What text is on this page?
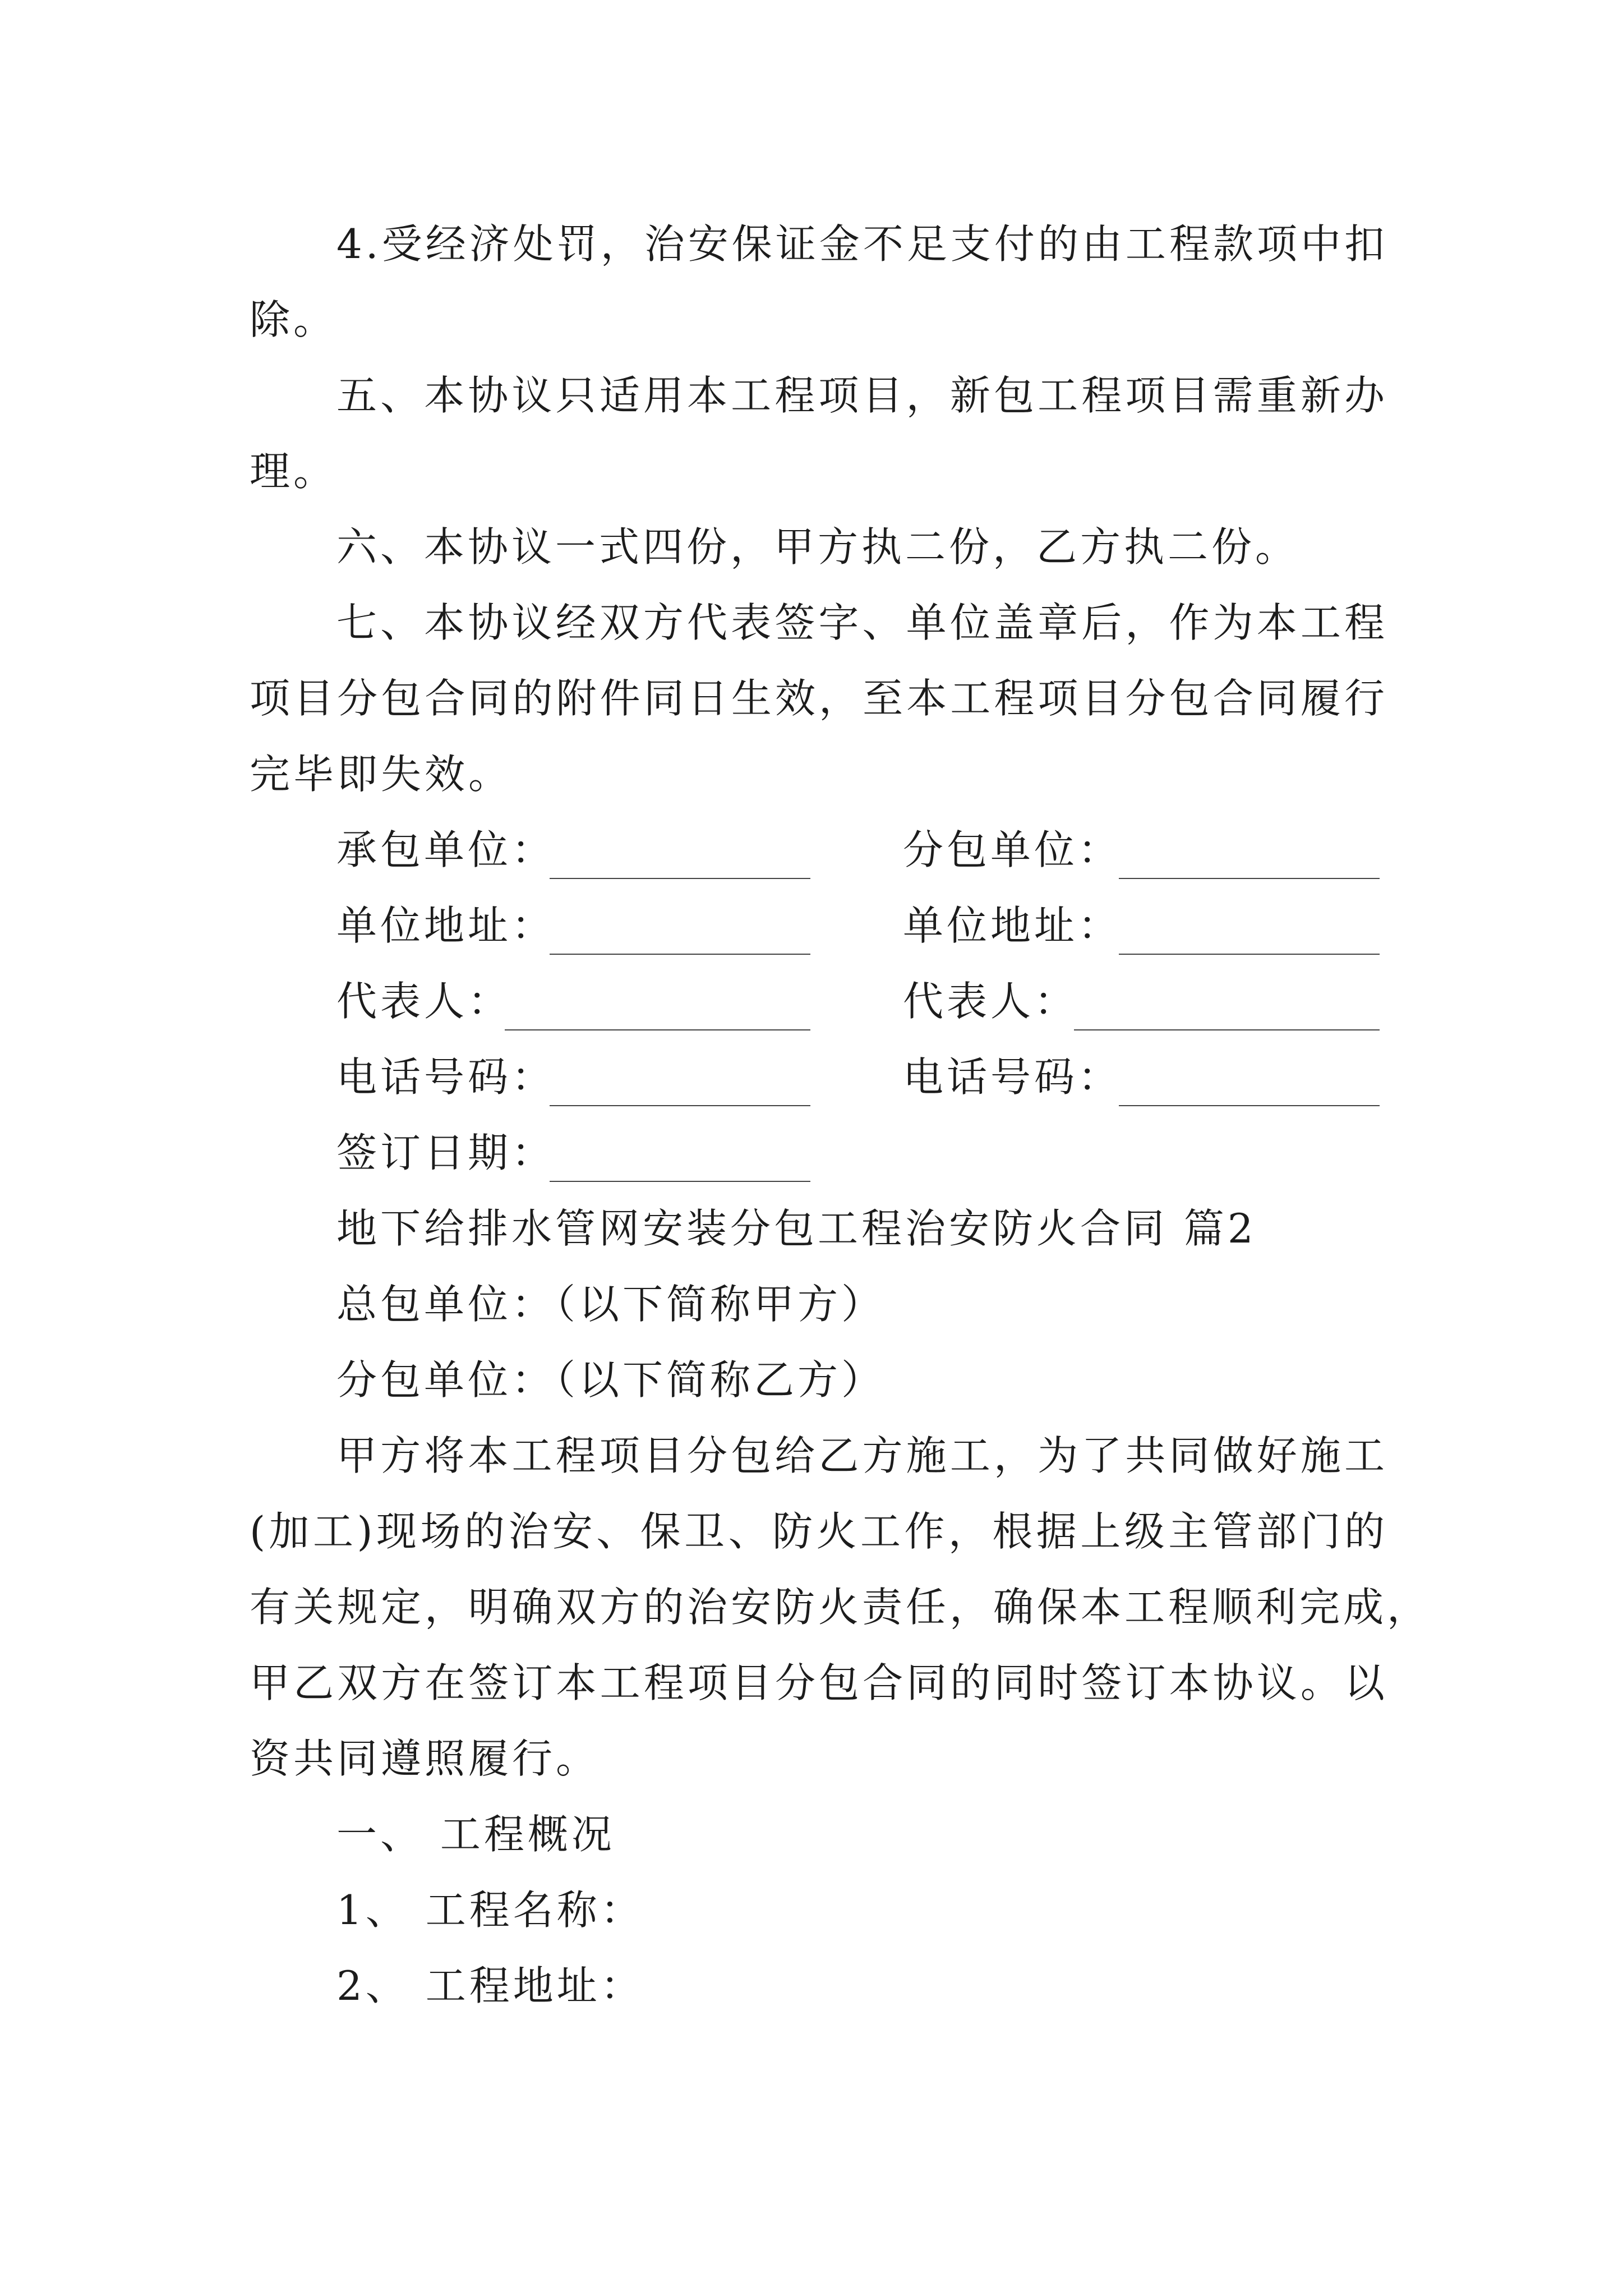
4.受经济处罚，治安保证金不足支付的由工程款项中扣
除。
五、本协议只适用本工程项目，新包工程项目需重新办
理。
六、本协议一式四份，甲方执二份，乙方执二份。
七、本协议经双方代表签字、单位盖章后，作为本工程
项目分包合同的附件同日生效，至本工程项目分包合同履行
完毕即失效。
承包单位：
单位地址：
代表人：
电话号码：
签订日期：
分包单位：
单位地址：
代表人：
电话号码：
地下给排水管网安装分包工程治安防火合同 篇2
总包单位：（以下简称甲方）
分包单位：（以下简称乙方）
甲方将本工程项目分包给乙方施工，为了共同做好施工
(加工)现场的治安、保卫、防火工作，根据上级主管部门的
有关规定，明确双方的治安防火责任，确保本工程顺利完成，
甲乙双方在签订本工程项目分包合同的同时签订本协议。以
资共同遵照履行。
一、 工程概况
1、 工程名称：
2、 工程地址：
